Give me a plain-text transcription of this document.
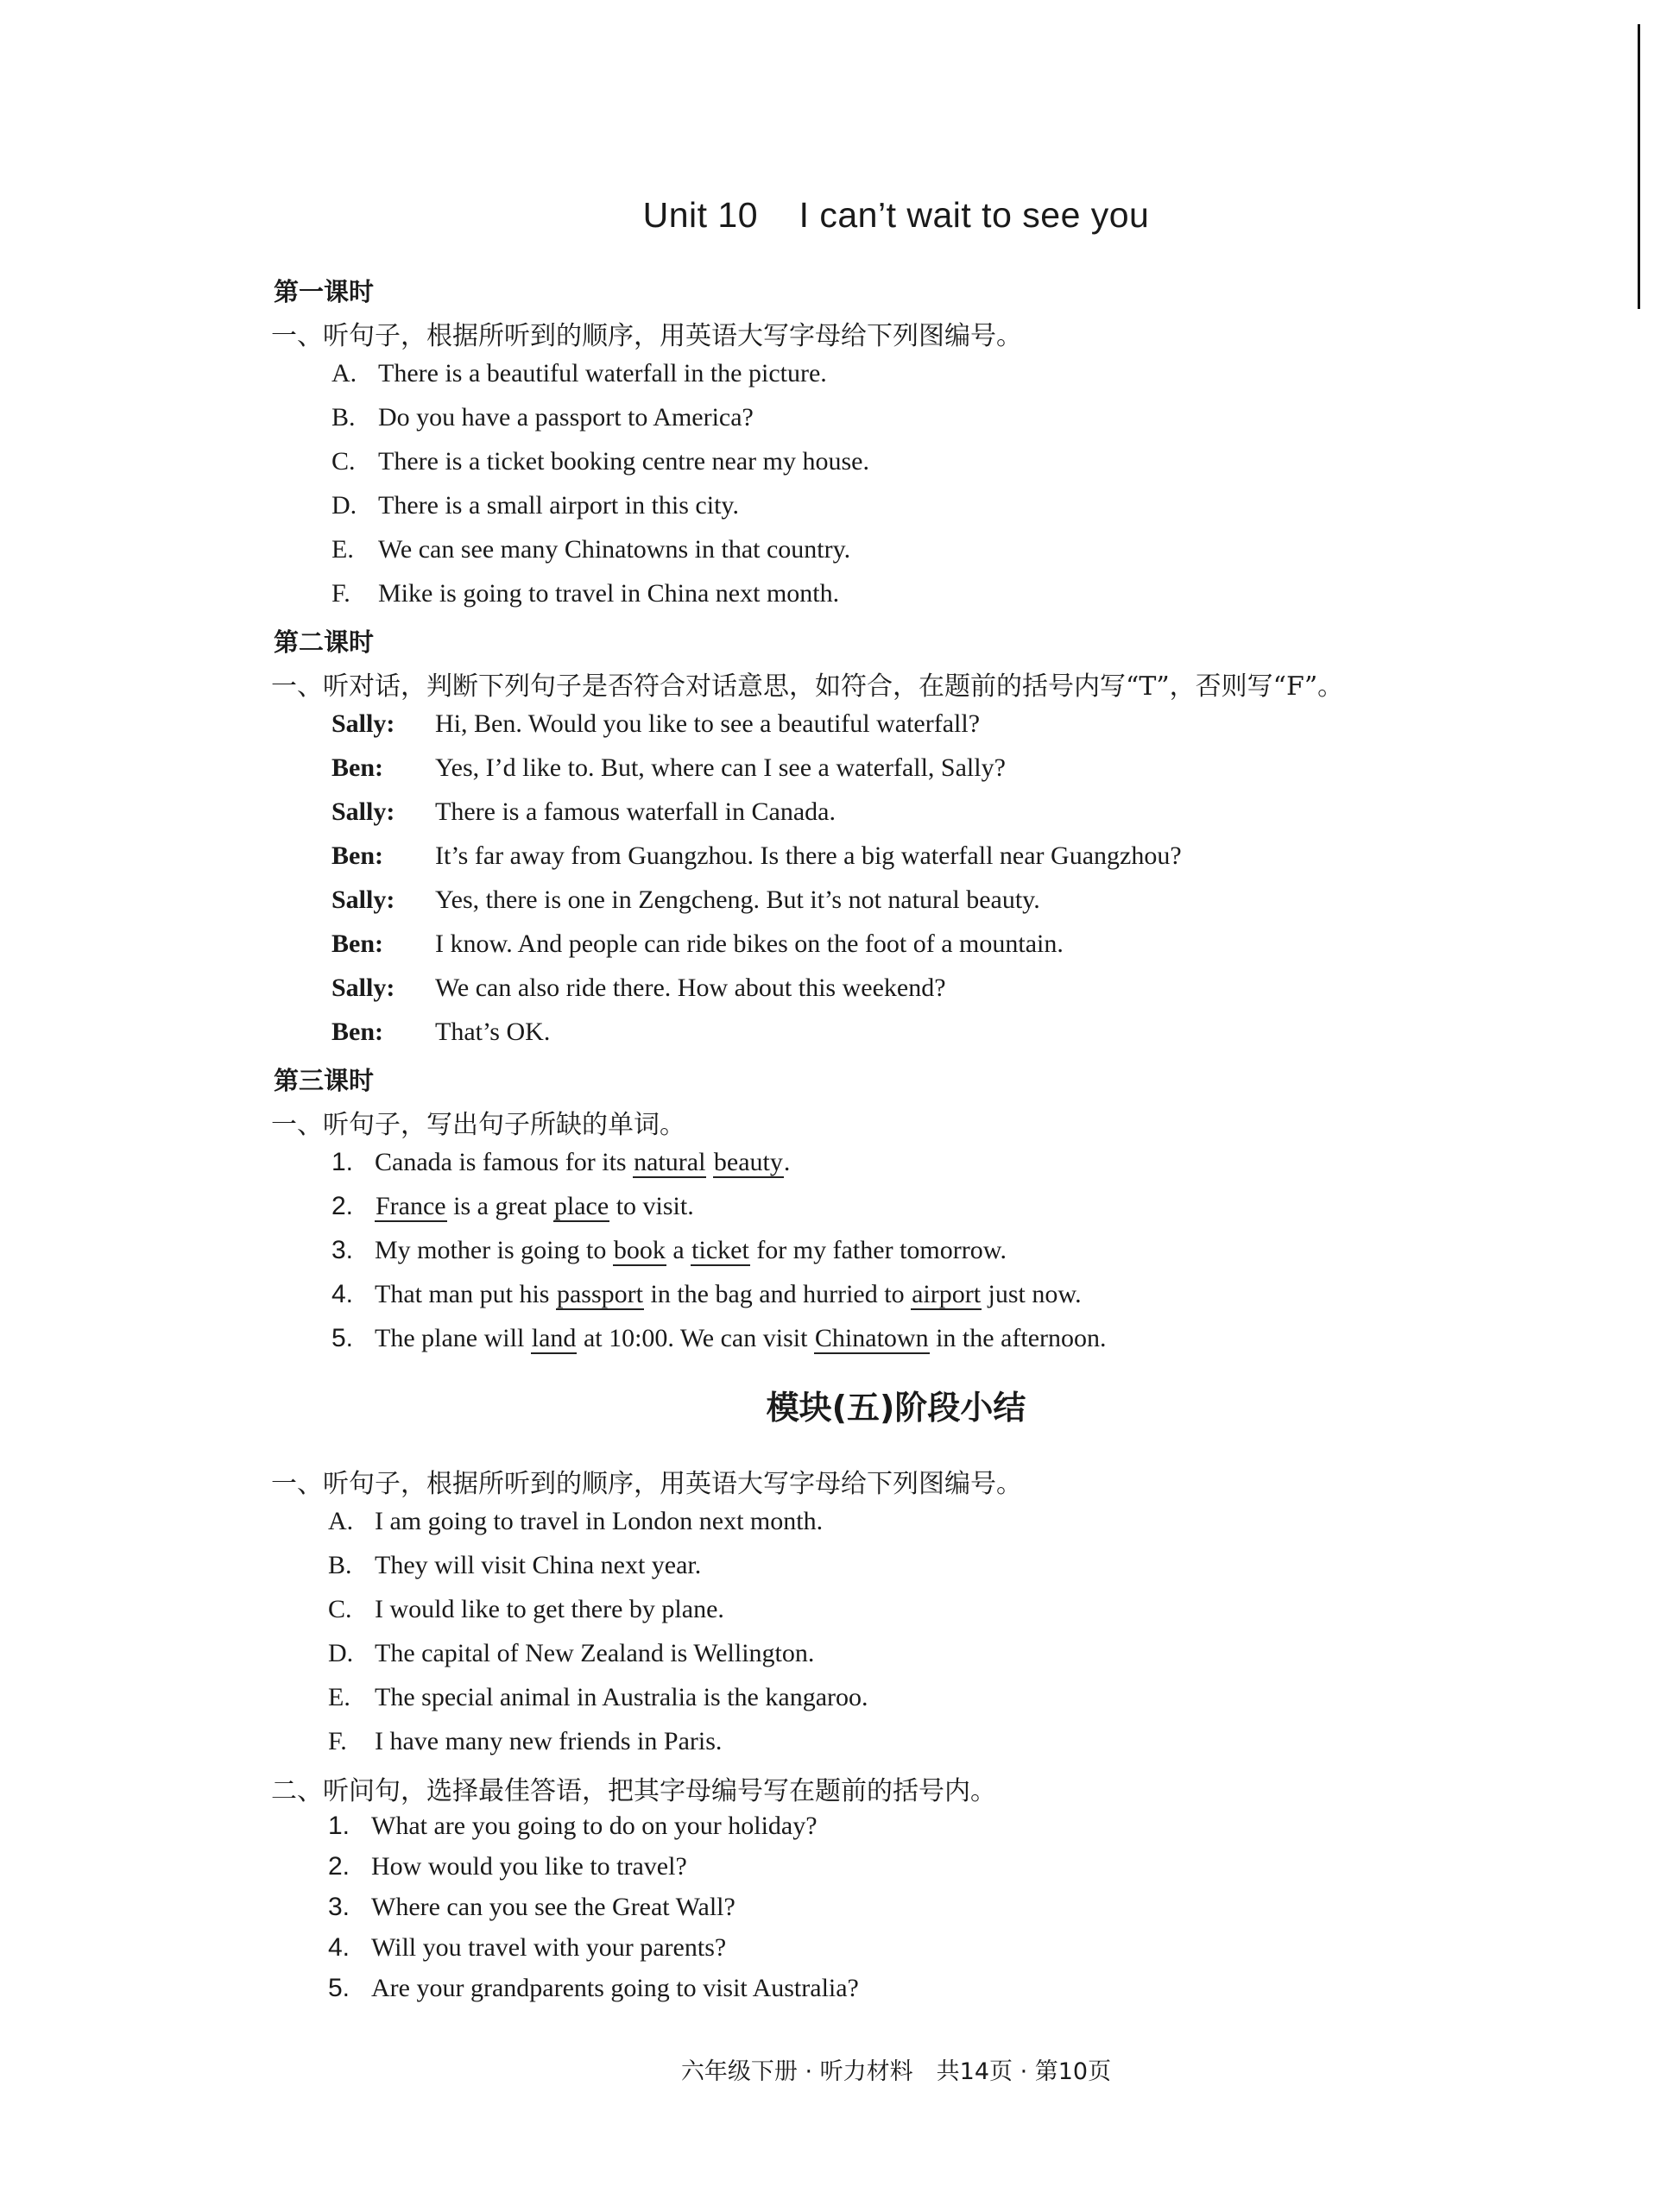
Unit 10    I can’t wait to see you
第一课时
一、听句子，根据所听到的顺序，用英语大写字母给下列图编号。
A. There is a beautiful waterfall in the picture.
B. Do you have a passport to America?
C. There is a ticket booking centre near my house.
D. There is a small airport in this city.
E. We can see many Chinatowns in that country.
F. Mike is going to travel in China next month.
第二课时
一、听对话，判断下列句子是否符合对话意思，如符合，在题前的括号内写“T”，否则写“F”。
Sally: Hi, Ben. Would you like to see a beautiful waterfall?
Ben: Yes, I’d like to. But, where can I see a waterfall, Sally?
Sally: There is a famous waterfall in Canada.
Ben: It’s far away from Guangzhou. Is there a big waterfall near Guangzhou?
Sally: Yes, there is one in Zengcheng. But it’s not natural beauty.
Ben: I know. And people can ride bikes on the foot of a mountain.
Sally: We can also ride there. How about this weekend?
Ben: That’s OK.
第三课时
一、听句子，写出句子所缺的单词。
1. Canada is famous for its natural beauty.
2. France is a great place to visit.
3. My mother is going to book a ticket for my father tomorrow.
4. That man put his passport in the bag and hurried to airport just now.
5. The plane will land at 10:00. We can visit Chinatown in the afternoon.
模块(五)阶段小结
一、听句子，根据所听到的顺序，用英语大写字母给下列图编号。
A. I am going to travel in London next month.
B. They will visit China next year.
C. I would like to get there by plane.
D. The capital of New Zealand is Wellington.
E. The special animal in Australia is the kangaroo.
F. I have many new friends in Paris.
二、听问句，选择最佳答语，把其字母编号写在题前的括号内。
1. What are you going to do on your holiday?
2. How would you like to travel?
3. Where can you see the Great Wall?
4. Will you travel with your parents?
5. Are your grandparents going to visit Australia?
六年级下册 · 听力材料　共14页 · 第10页
